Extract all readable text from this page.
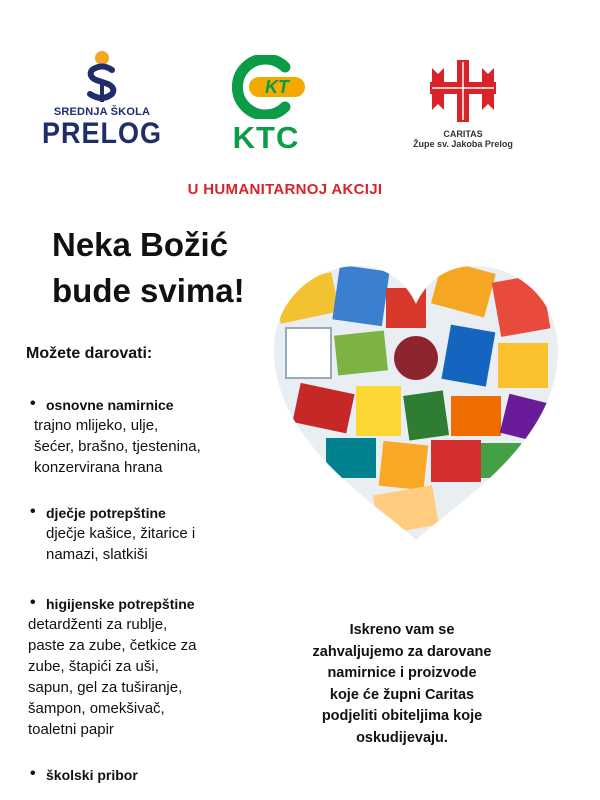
SREDNJA ŠKOLA
PRELOG
KT
KTC	CARITAS
Župe sv. Jakoba Prelog
U HUMANITARNOJ AKCIJI
Neka Božić
bude svima!
Možete darovati:
• osnovne namirnice
trajno mlijeko, ulje,
šećer, brašno, tjestenina,
konzervirana hrana
• dječje potrepštine
dječje kašice, žitarice i
namazi, slatkiši
• higijenske potrepštine
detardženti za rublje,
paste za zube, četkice za
zube, štapići za uši,
sapun, gel za tuširanje,
šampon, omekšivač,
toaletni papir
• školski pribor
Iskreno vam se
zahvaljujemo za darovane
namirnice i proizvode
koje će župni Caritas
podjeliti obiteljima koje
oskudijevaju.
